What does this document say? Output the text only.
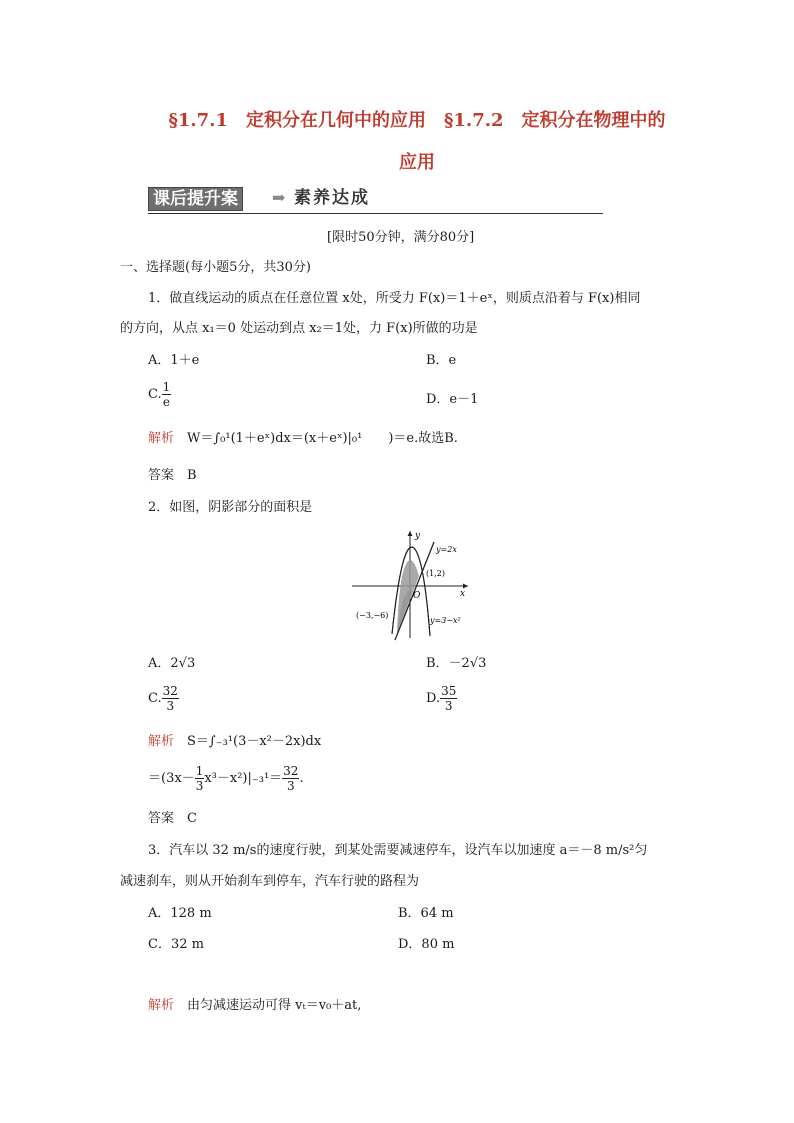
§1.7.1　定积分在几何中的应用　§1.7.2　定积分在物理中的
应用
课后提升案	➡ 素养达成
[限时50分钟，满分80分]
一、选择题(每小题5分，共30分)
1．做直线运动的质点在任意位置 x处，所受力 F(x)＝1＋eˣ，则质点沿着与 F(x)相同
的方向，从点 x₁＝0 处运动到点 x₂＝1处，力 F(x)所做的功是
A．1＋e	B．e
C. $\frac{1}{e}$	D．e－1
解析　 W＝∫₀¹(1＋eˣ)dx＝(x＋eˣ)|₀¹　　)＝e.故选B.
答案　 B
2．如图，阴影部分的面积是
y
x
O
y=2x
y=3−x²
(1,2)
(−3,−6)
A．2√3	B．－2√3
C. $\frac{32}{3}$	D. $\frac{35}{3}$
解析　 S＝∫₋₃¹(3－x²－2x)dx
$=(3x- \frac{1}{3} x^3-x^2)|_{-3}^1= \frac{32}{3}$ .
答案　 C
3．汽车以 32 m/s的速度行驶，到某处需要减速停车，设汽车以加速度 a＝－8 m/s²匀
减速刹车，则从开始刹车到停车，汽车行驶的路程为
A．128 m	B．64 m
C．32 m	D．80 m
解析　 由匀减速运动可得 vₜ＝v₀＋at,
